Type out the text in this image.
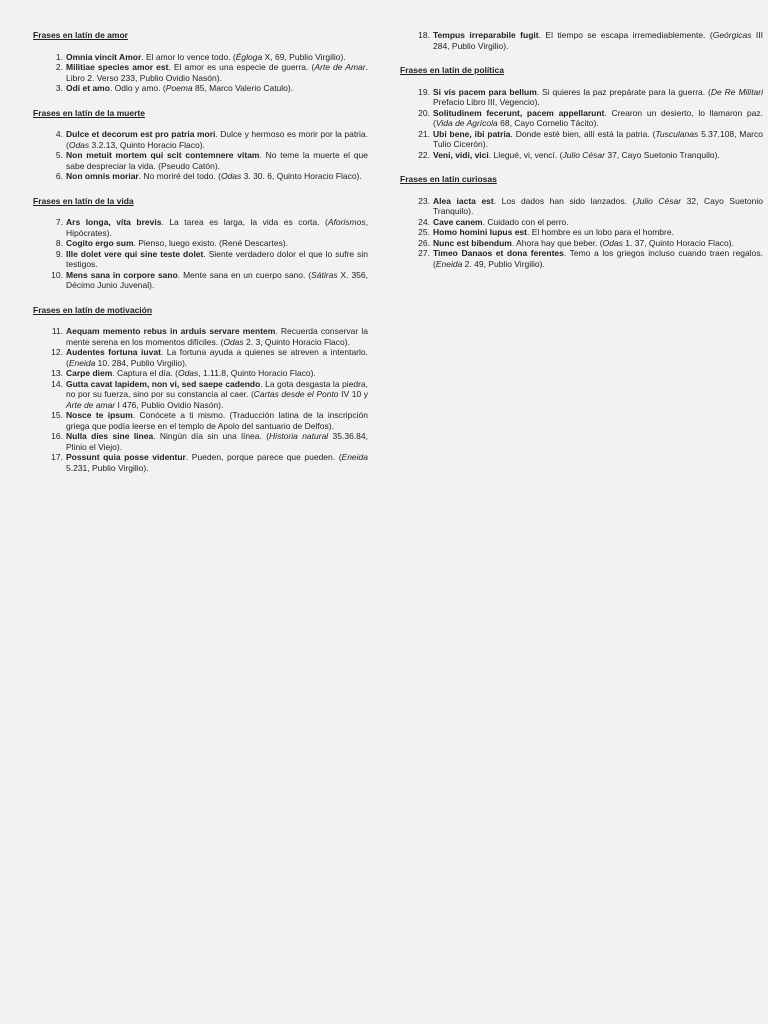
Frases en latín de amor
1. Omnia vincit Amor. El amor lo vence todo. (Égloga X, 69, Publio Virgilio).
2. Militiae species amor est. El amor es una especie de guerra. (Arte de Amar. Libro 2. Verso 233, Publio Ovidio Nasón).
3. Odi et amo. Odio y amo. (Poema 85, Marco Valerio Catulo).
Frases en latín de la muerte
4. Dulce et decorum est pro patria mori. Dulce y hermoso es morir por la patria. (Odas 3.2.13, Quinto Horacio Flaco).
5. Non metuit mortem qui scit contemnere vitam. No teme la muerte el que sabe despreciar la vida. (Pseudo Catón).
6. Non omnis moriar. No moriré del todo. (Odas 3. 30. 6, Quinto Horacio Flaco).
Frases en latín de la vida
7. Ars longa, vita brevis. La tarea es larga, la vida es corta. (Aforismos, Hipócrates).
8. Cogito ergo sum. Pienso, luego existo. (René Descartes).
9. Ille dolet vere qui sine teste dolet. Siente verdadero dolor el que lo sufre sin testigos.
10. Mens sana in corpore sano. Mente sana en un cuerpo sano. (Sátiras X. 356, Décimo Junio Juvenal).
Frases en latín de motivación
11. Aequam memento rebus in arduis servare mentem. Recuerda conservar la mente serena en los momentos difíciles. (Odas 2. 3, Quinto Horacio Flaco).
12. Audentes fortuna iuvat. La fortuna ayuda a quienes se atreven a intentarlo. (Eneida 10. 284, Publio Virgilio).
13. Carpe diem. Captura el día. (Odas, 1.11.8, Quinto Horacio Flaco).
14. Gutta cavat lapidem, non vi, sed saepe cadendo. La gota desgasta la piedra, no por su fuerza, sino por su constancia al caer. (Cartas desde el Ponto IV 10 y Arte de amar I 476, Publio Ovidio Nasón).
15. Nosce te ipsum. Conócete a ti mismo. (Traducción latina de la inscripción griega que podía leerse en el templo de Apolo del santuario de Delfos).
16. Nulla dies sine linea. Ningún día sin una línea. (Historia natural 35.36.84, Plinio el Viejo).
17. Possunt quia posse videntur. Pueden, porque parece que pueden. (Eneida 5.231, Publio Virgilio).
18. Tempus irreparabile fugit. El tiempo se escapa irremediablemente. (Geórgicas III 284, Publio Virgilio).
Frases en latín de política
19. Si vis pacem para bellum. Si quieres la paz prepárate para la guerra. (De Re Militari Prefacio Libro III, Vegencio).
20. Solitudinem fecerunt, pacem appellarunt. Crearon un desierto, lo llamaron paz. (Vida de Agrícola 68, Cayo Cornelio Tácito).
21. Ubi bene, ibi patria. Donde esté bien, allí está la patria. (Tusculanas 5.37.108, Marco Tulio Cicerón).
22. Veni, vidi, vici. Llegué, vi, vencí. (Julio César 37, Cayo Suetonio Tranquilo).
Frases en latín curiosas
23. Alea iacta est. Los dados han sido lanzados. (Julio César 32, Cayo Suetonio Tranquilo).
24. Cave canem. Cuidado con el perro.
25. Homo homini lupus est. El hombre es un lobo para el hombre.
26. Nunc est bibendum. Ahora hay que beber. (Odas 1. 37, Quinto Horacio Flaco).
27. Timeo Danaos et dona ferentes. Temo a los griegos incluso cuando traen regalos. (Eneida 2. 49, Publio Virgilio).
